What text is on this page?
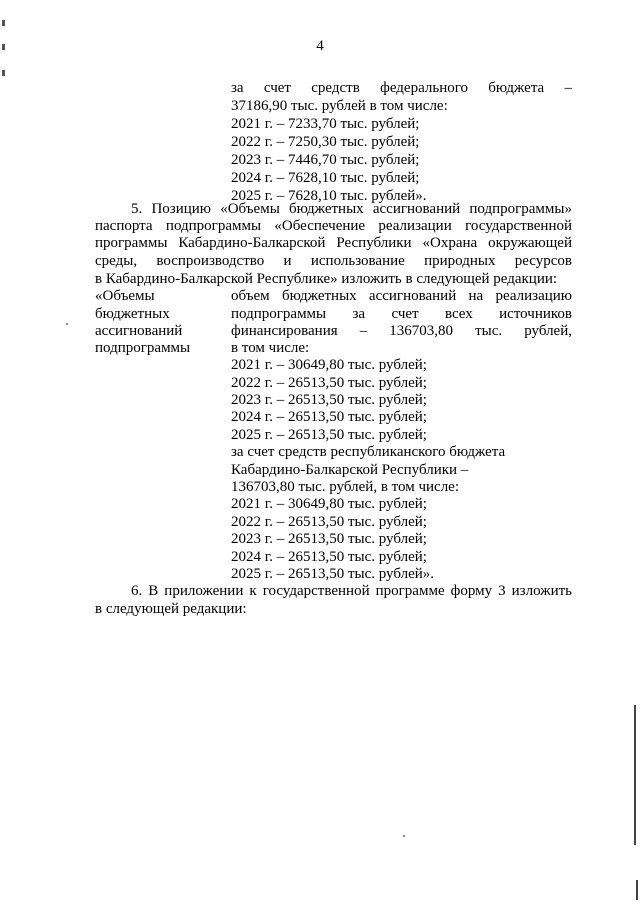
4
за счет средств федерального бюджета –
37186,90 тыс. рублей в том числе:
2021 г. – 7233,70 тыс. рублей;
2022 г. – 7250,30 тыс. рублей;
2023 г. – 7446,70 тыс. рублей;
2024 г. – 7628,10 тыс. рублей;
2025 г. – 7628,10 тыс. рублей».
5. Позицию «Объемы бюджетных ассигнований подпрограммы»
паспорта подпрограммы «Обеспечение реализации государственной
программы Кабардино-Балкарской Республики «Охрана окружающей
среды, воспроизводство и использование природных ресурсов
в Кабардино-Балкарской Республике» изложить в следующей редакции:
«Объемы
бюджетных
ассигнований
подпрограммы
объем бюджетных ассигнований на реализацию
подпрограммы за счет всех источников
финансирования – 136703,80 тыс. рублей,
в том числе:
2021 г. – 30649,80 тыс. рублей;
2022 г. – 26513,50 тыс. рублей;
2023 г. – 26513,50 тыс. рублей;
2024 г. – 26513,50 тыс. рублей;
2025 г. – 26513,50 тыс. рублей;
за счет средств республиканского бюджета
Кабардино-Балкарской Республики –
136703,80 тыс. рублей, в том числе:
2021 г. – 30649,80 тыс. рублей;
2022 г. – 26513,50 тыс. рублей;
2023 г. – 26513,50 тыс. рублей;
2024 г. – 26513,50 тыс. рублей;
2025 г. – 26513,50 тыс. рублей».
6. В приложении к государственной программе форму 3 изложить
в следующей редакции:
